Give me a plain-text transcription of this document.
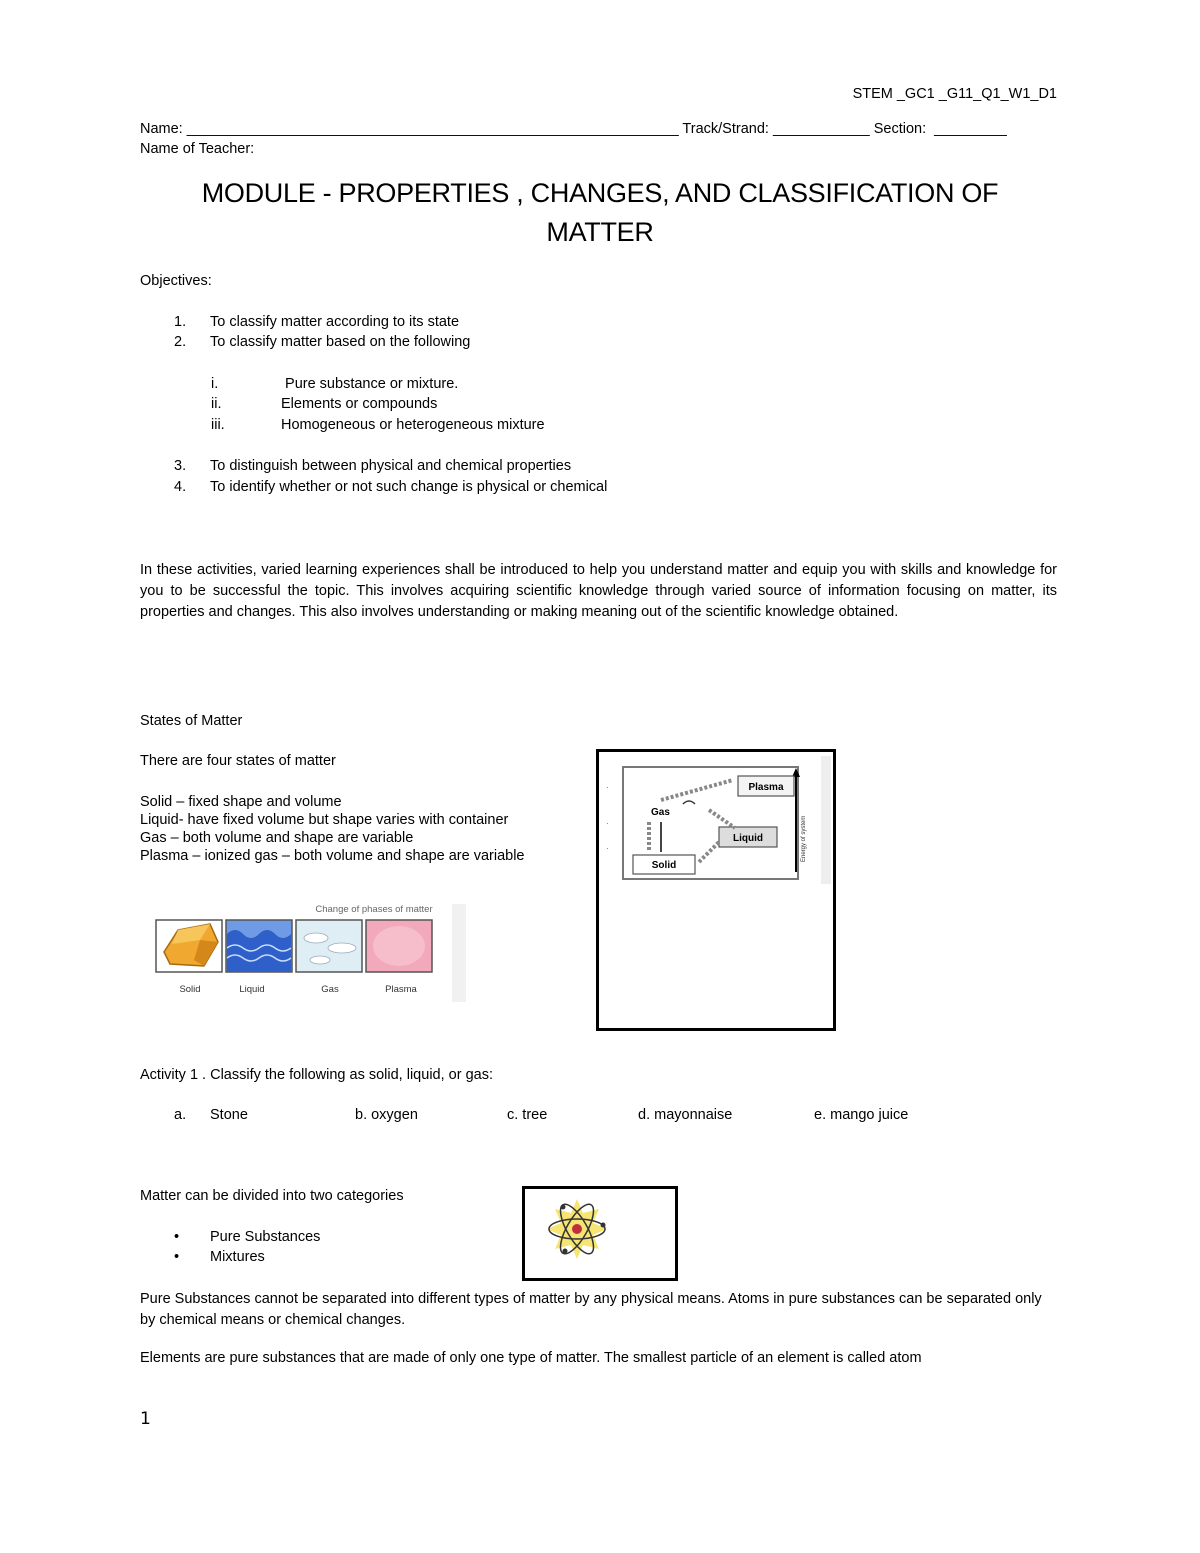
STEM _GC1 _G11_Q1_W1_D1
Name: _____________________________________________________________ Track/Strand: ____________ Section:  _________
Name of Teacher:
MODULE - PROPERTIES , CHANGES, AND CLASSIFICATION OF
MATTER
Objectives:
1. To classify matter according to its state
2. To classify matter based on the following
i.	Pure substance or mixture.
ii.	Elements or compounds
iii.	Homogeneous or heterogeneous mixture
3. To distinguish between physical and chemical properties
4. To identify whether or not such change is physical or chemical
In these activities, varied learning experiences shall be introduced to help you understand matter and equip you with skills and knowledge for you to be successful the topic. This involves acquiring scientific knowledge through varied source of information focusing on matter, its properties and changes. This also involves understanding or making meaning out of the scientific knowledge obtained.
States of Matter
There are four states of matter
Solid – fixed shape and volume
Liquid- have fixed volume but shape varies with container
Gas – both volume and shape are variable
Plasma – ionized gas – both volume and shape are variable
Change of phases of matter
Solid	Liquid	Gas	Plasma
·
·
·	Energy of system
Plasma
Gas
Liquid
Solid
Activity 1 . Classify the following as solid, liquid, or gas:
a. Stone	b. oxygen	c. tree	d. mayonnaise	e. mango juice
Matter can be divided into two categories
• Pure Substances
• Mixtures
Pure Substances cannot be separated into different types of matter by any physical means. Atoms in pure substances can be separated only by chemical means or chemical changes.
Elements are pure substances that are made of only one type of matter. The smallest particle of an element is called atom
1
